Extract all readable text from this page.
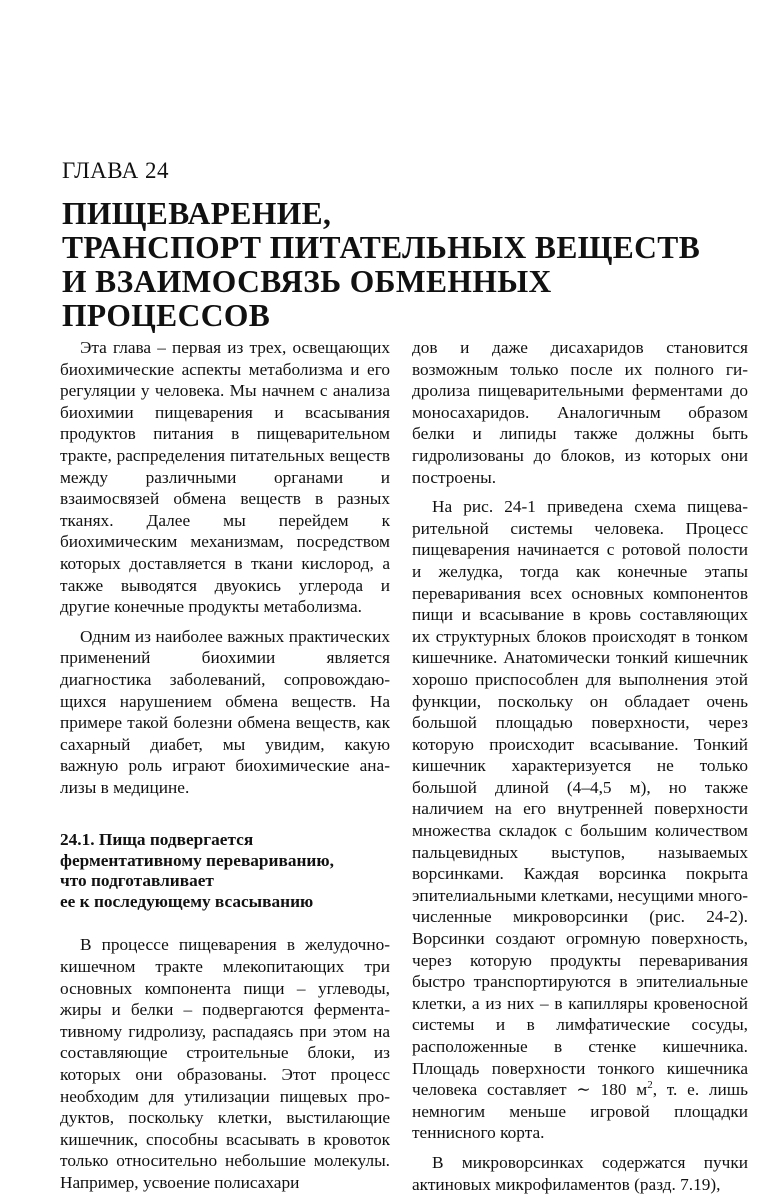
ГЛАВА 24
ПИЩЕВАРЕНИЕ,
ТРАНСПОРТ ПИТАТЕЛЬНЫХ ВЕЩЕСТВ
И ВЗАИМОСВЯЗЬ ОБМЕННЫХ
ПРОЦЕССОВ

Эта глава – первая из трех, освещающих биохимические аспекты метаболизма и его регуляции у человека. Мы начнем с анализа биохимии пищеварения и всасывания продуктов питания в пищеварительном тракте, распределения питательных веществ между различными органами и взаимосвязей обмена веществ в разных тканях. Далее мы перейдем к биохимическим механизмам, посредством которых доставляется в ткани кислород, а также выводятся двуокись углерода и другие конечные продукты метаболизма.

Одним из наиболее важных практических применений биохимии является диагностика заболеваний, сопровождающихся нарушением обмена веществ. На примере такой болезни обмена веществ, как сахарный диабет, мы увидим, какую важную роль играют биохимические анализы в медицине.

24.1. Пища подвергается
ферментативному перевариванию,
что подготавливает
ее к последующему всасыванию

В процессе пищеварения в желудочно-кишечном тракте млекопитающих три основных компонента пищи – углеводы, жиры и белки – подвергаются ферментативному гидролизу, распадаясь при этом на составляющие строительные блоки, из которых они образованы. Этот процесс необходим для утилизации пищевых продуктов, поскольку клетки, выстилающие кишечник, способны всасывать в кровоток только относительно небольшие молекулы. Например, усвоение полисахари

дов и даже дисахаридов становится возможным только после их полного гидролиза пищеварительными ферментами до моносахаридов. Аналогичным образом белки и липиды также должны быть гидролизованы до блоков, из которых они построены.

На рис. 24-1 приведена схема пищеварительной системы человека. Процесс пищеварения начинается с ротовой полости и желудка, тогда как конечные этапы переваривания всех основных компонентов пищи и всасывание в кровь составляющих их структурных блоков происходят в тонком кишечнике. Анатомически тонкий кишечник хорошо приспособлен для выполнения этой функции, поскольку он обладает очень большой площадью поверхности, через которую происходит всасывание. Тонкий кишечник характеризуется не только большой длиной (4–4,5 м), но также наличием на его внутренней поверхности множества складок с большим количеством пальцевидных выступов, называемых ворсинками. Каждая ворсинка покрыта эпителиальными клетками, несущими многочисленные микроворсинки (рис. 24-2). Ворсинки создают огромную поверхность, через которую продукты переваривания быстро транспортируются в эпителиальные клетки, а из них – в капилляры кровеносной системы и в лимфатические сосуды, расположенные в стенке кишечника. Площадь поверхности тонкого кишечника человека составляет ∼ 180 $м^2$, т. е. лишь немногим меньше игровой площадки теннисного корта.

В микроворсинках содержатся пучки актиновых микрофиламентов (разд. 7.19),
